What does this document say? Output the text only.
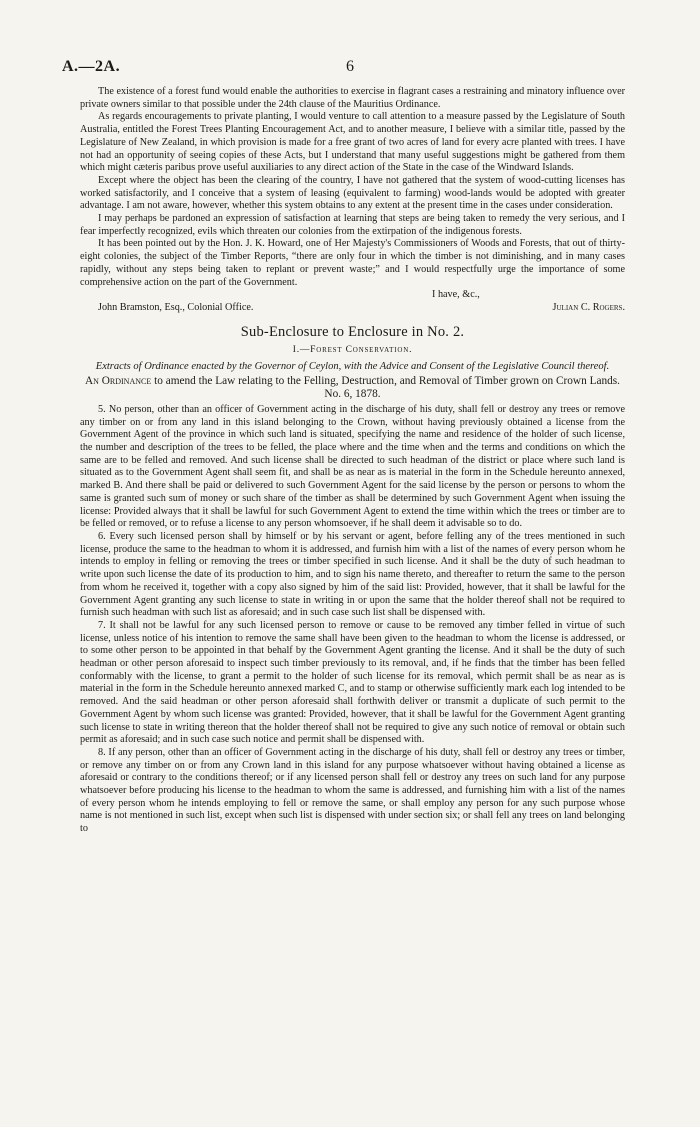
A.—2A.	6

The existence of a forest fund would enable the authorities to exercise in flagrant cases a restraining and minatory influence over private owners similar to that possible under the 24th clause of the Mauritius Ordinance.

As regards encouragements to private planting, I would venture to call attention to a measure passed by the Legislature of South Australia, entitled the Forest Trees Planting Encouragement Act, and to another measure, I believe with a similar title, passed by the Legislature of New Zealand, in which provision is made for a free grant of two acres of land for every acre planted with trees. I have not had an opportunity of seeing copies of these Acts, but I understand that many useful suggestions might be gathered from them which might cæteris paribus prove useful auxiliaries to any direct action of the State in the case of the Windward Islands.

Except where the object has been the clearing of the country, I have not gathered that the system of wood-cutting licenses has worked satisfactorily, and I conceive that a system of leasing (equivalent to farming) wood-lands would be adopted with greater advantage. I am not aware, however, whether this system obtains to any extent at the present time in the cases under consideration.

I may perhaps be pardoned an expression of satisfaction at learning that steps are being taken to remedy the very serious, and I fear imperfectly recognized, evils which threaten our colonies from the extirpation of the indigenous forests.

It has been pointed out by the Hon. J. K. Howard, one of Her Majesty's Commissioners of Woods and Forests, that out of thirty-eight colonies, the subject of the Timber Reports, “there are only four in which the timber is not diminishing, and in many cases rapidly, without any steps being taken to replant or prevent waste;” and I would respectfully urge the importance of some comprehensive action on the part of the Government.

I have, &c.,
John Bramston, Esq., Colonial Office.	Julian C. Rogers.
Sub-Enclosure to Enclosure in No. 2.
I.—Forest Conservation.
Extracts of Ordinance enacted by the Governor of Ceylon, with the Advice and Consent of the Legislative Council thereof.
An Ordinance to amend the Law relating to the Felling, Destruction, and Removal of Timber grown on Crown Lands. No. 6, 1878.

5. No person, other than an officer of Government acting in the discharge of his duty, shall fell or destroy any trees or remove any timber on or from any land in this island belonging to the Crown, without having previously obtained a license from the Government Agent of the province in which such land is situated, specifying the name and residence of the holder of such license, the number and description of the trees to be felled, the place where and the time when and the terms and conditions on which the same are to be felled and removed. And such license shall be directed to such headman of the district or place where such land is situated as to the Government Agent shall seem fit, and shall be as near as is material in the form in the Schedule hereunto annexed, marked B. And there shall be paid or delivered to such Government Agent for the said license by the person or persons to whom the same is granted such sum of money or such share of the timber as shall be determined by such Government Agent when issuing the license: Provided always that it shall be lawful for such Government Agent to extend the time within which the trees or timber are to be felled or removed, or to refuse a license to any person whomsoever, if he shall deem it advisable so to do.

6. Every such licensed person shall by himself or by his servant or agent, before felling any of the trees mentioned in such license, produce the same to the headman to whom it is addressed, and furnish him with a list of the names of every person whom he intends to employ in felling or removing the trees or timber specified in such license. And it shall be the duty of such headman to write upon such license the date of its production to him, and to sign his name thereto, and thereafter to return the same to the person from whom he received it, together with a copy also signed by him of the said list: Provided, however, that it shall be lawful for the Government Agent granting any such license to state in writing in or upon the same that the holder thereof shall not be required to furnish such headman with such list as aforesaid; and in such case such list shall be dispensed with.

7. It shall not be lawful for any such licensed person to remove or cause to be removed any timber felled in virtue of such license, unless notice of his intention to remove the same shall have been given to the headman to whom the license is addressed, or to some other person to be appointed in that behalf by the Government Agent granting the license. And it shall be the duty of such headman or other person aforesaid to inspect such timber previously to its removal, and, if he finds that the timber has been felled conformably with the license, to grant a permit to the holder of such license for its removal, which permit shall be as near as is material in the form in the Schedule hereunto annexed marked C, and to stamp or otherwise sufficiently mark each log intended to be removed. And the said headman or other person aforesaid shall forthwith deliver or transmit a duplicate of such permit to the Government Agent by whom such license was granted: Provided, however, that it shall be lawful for the Government Agent granting such license to state in writing thereon that the holder thereof shall not be required to give any such notice of removal or obtain such permit as aforesaid; and in such case such notice and permit shall be dispensed with.

8. If any person, other than an officer of Government acting in the discharge of his duty, shall fell or destroy any trees or timber, or remove any timber on or from any Crown land in this island for any purpose whatsoever without having obtained a license as aforesaid or contrary to the conditions thereof; or if any licensed person shall fell or destroy any trees on such land for any purpose whatsoever before producing his license to the headman to whom the same is addressed, and furnishing him with a list of the names of every person whom he intends employing to fell or remove the same, or shall employ any person for any such purpose whose name is not mentioned in such list, except when such list is dispensed with under section six; or shall fell any trees on land belonging to
